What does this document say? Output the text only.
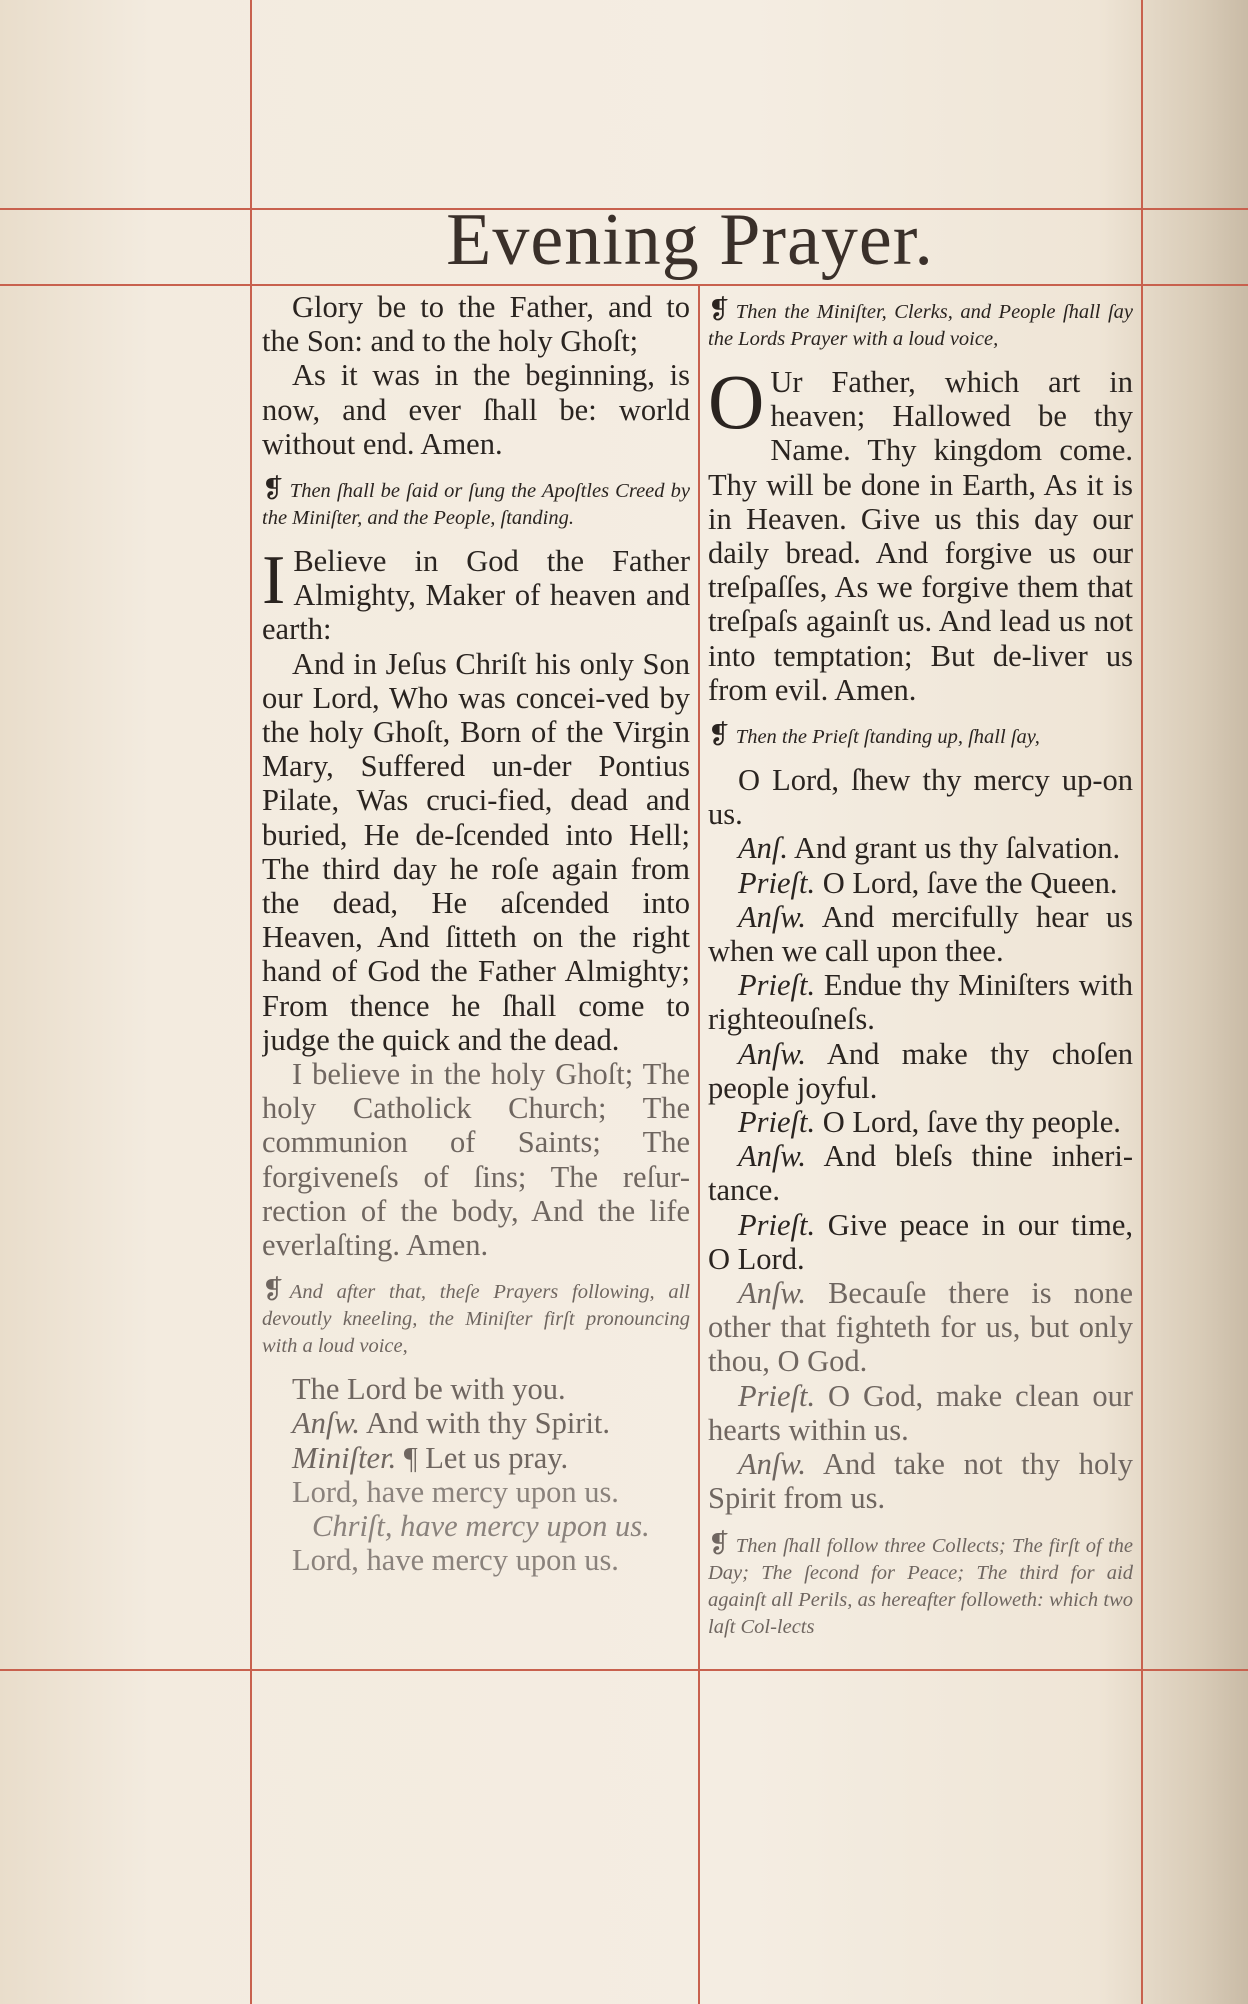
Evening Prayer.

Glory be to the Father, and to the Son: and to the holy Ghoſt;

As it was in the beginning, is now, and ever ſhall be: world without end. Amen.

❡ Then ſhall be ſaid or ſung the Apoſtles Creed by the Miniſter, and the People, ſtanding.

I Believe in God the Father Almighty, Maker of heaven and earth:

And in Jeſus Chriſt his only Son our Lord, Who was concei-ved by the holy Ghoſt, Born of the Virgin Mary, Suffered un-der Pontius Pilate, Was cruci-fied, dead and buried, He de-ſcended into Hell; The third day he roſe again from the dead, He aſcended into Heaven, And ſitteth on the right hand of God the Father Almighty; From thence he ſhall come to judge the quick and the dead.

I believe in the holy Ghoſt; The holy Catholick Church; The communion of Saints; The forgiveneſs of ſins; The reſur-rection of the body, And the life everlaſting. Amen.

❡ And after that, theſe Prayers following, all devoutly kneeling, the Miniſter firſt pronouncing with a loud voice,

The Lord be with you.

Anſw. And with thy Spirit.

Miniſter. ¶ Let us pray.

Lord, have mercy upon us.

Chriſt, have mercy upon us.

Lord, have mercy upon us.

❡ Then the Miniſter, Clerks, and People ſhall ſay the Lords Prayer with a loud voice,

O Ur Father, which art in heaven; Hallowed be thy Name. Thy kingdom come. Thy will be done in Earth, As it is in Heaven. Give us this day our daily bread. And forgive us our treſpaſſes, As we forgive them that treſpaſs againſt us. And lead us not into temptation; But de-liver us from evil. Amen.

❡ Then the Prieſt ſtanding up, ſhall ſay,

O Lord, ſhew thy mercy up-on us.

Anſ. And grant us thy ſalvation.

Prieſt. O Lord, ſave the Queen.

Anſw. And mercifully hear us when we call upon thee.

Prieſt. Endue thy Miniſters with righteouſneſs.

Anſw. And make thy choſen people joyful.

Prieſt. O Lord, ſave thy people.

Anſw. And bleſs thine inheri-tance.

Prieſt. Give peace in our time, O Lord.

Anſw. Becauſe there is none other that fighteth for us, but only thou, O God.

Prieſt. O God, make clean our hearts within us.

Anſw. And take not thy holy Spirit from us.

❡ Then ſhall follow three Collects; The firſt of the Day; The ſecond for Peace; The third for aid againſt all Perils, as hereafter followeth: which two laſt Col-lects
